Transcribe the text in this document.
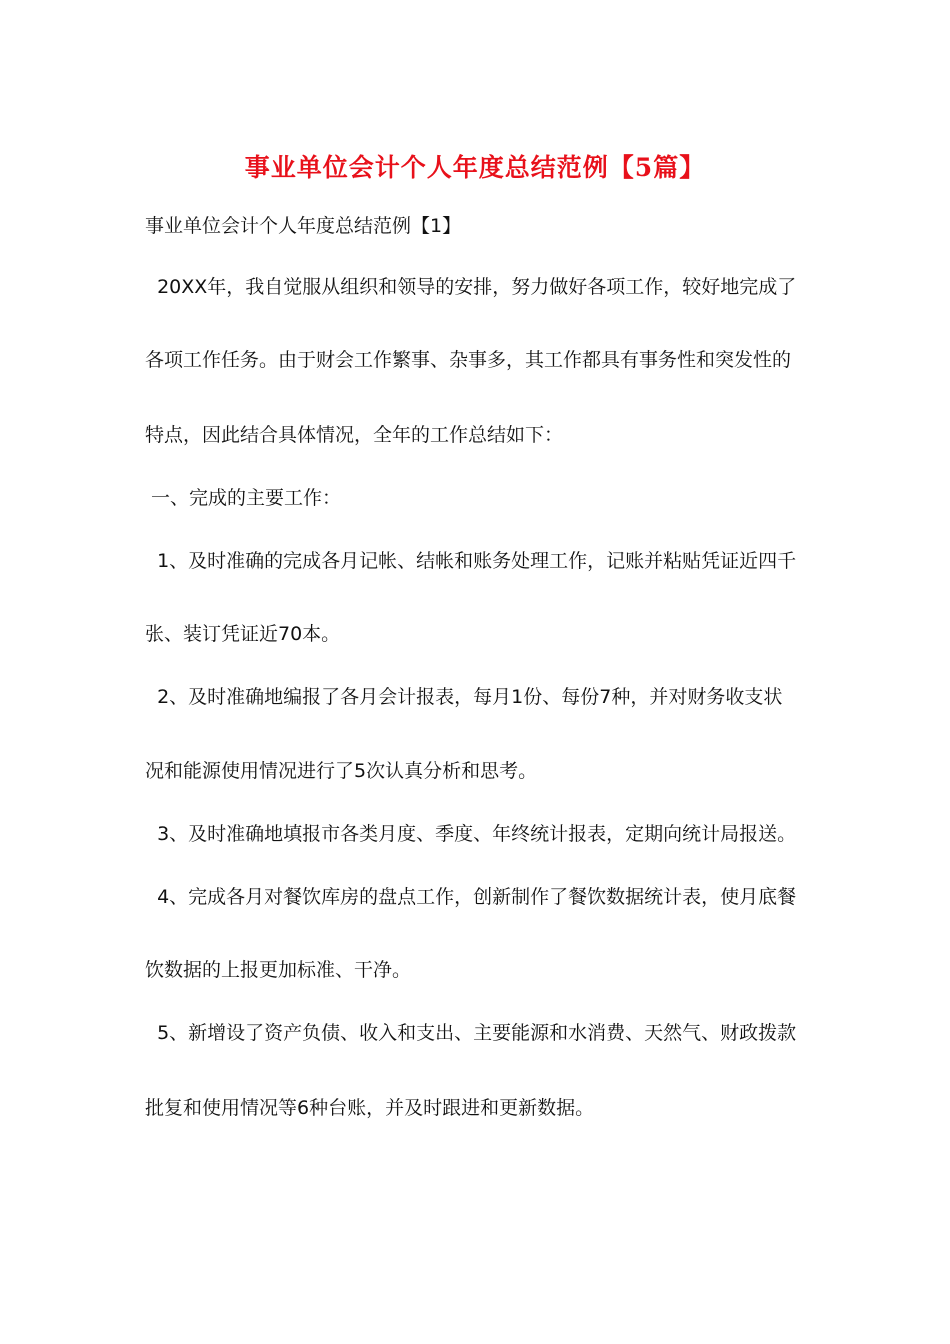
事业单位会计个人年度总结范例【5篇】
事业单位会计个人年度总结范例【1】
20XX年，我自觉服从组织和领导的安排，努力做好各项工作，较好地完成了
各项工作任务。由于财会工作繁事、杂事多，其工作都具有事务性和突发性的
特点，因此结合具体情况，全年的工作总结如下：
一、完成的主要工作：
1、及时准确的完成各月记帐、结帐和账务处理工作，记账并粘贴凭证近四千
张、装订凭证近70本。
2、及时准确地编报了各月会计报表，每月1份、每份7种，并对财务收支状
况和能源使用情况进行了5次认真分析和思考。
3、及时准确地填报市各类月度、季度、年终统计报表，定期向统计局报送。
4、完成各月对餐饮库房的盘点工作，创新制作了餐饮数据统计表，使月底餐
饮数据的上报更加标准、干净。
5、新增设了资产负债、收入和支出、主要能源和水消费、天然气、财政拨款
批复和使用情况等6种台账，并及时跟进和更新数据。
